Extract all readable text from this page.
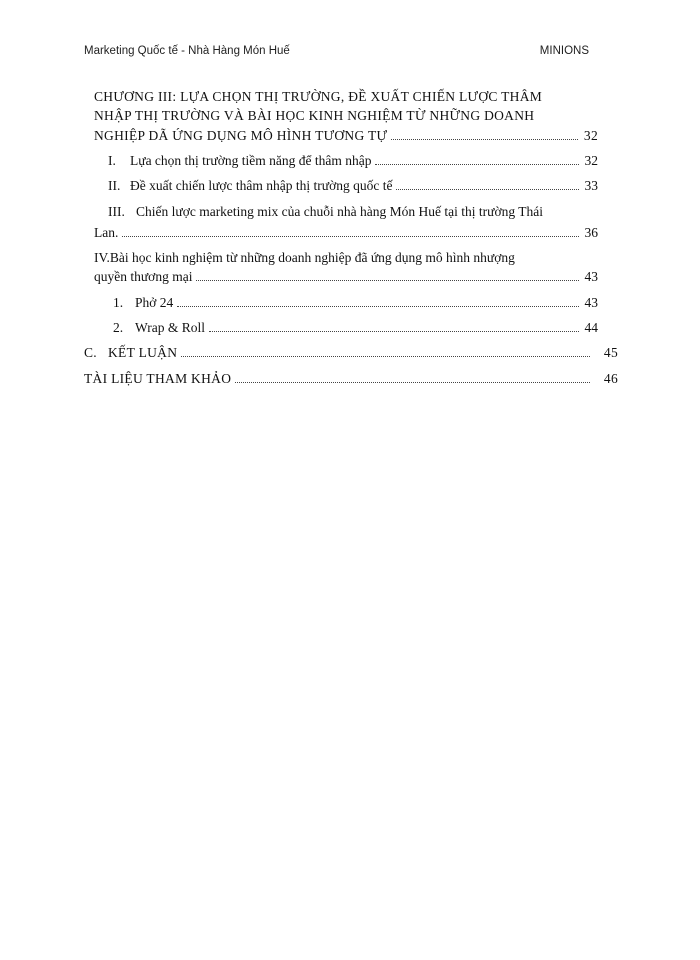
Marketing Quốc tế - Nhà Hàng Món Huế	MINIONS
CHƯƠNG III: LỰA CHỌN THỊ TRƯỜNG, ĐỀ XUẤT CHIẾN LƯỢC THÂM
NHẬP THỊ TRƯỜNG VÀ BÀI HỌC KINH NGHIỆM TỪ NHỮNG DOANH
NGHIỆP DÃ ỨNG DỤNG MÔ HÌNH TƯƠNG TỰ	32
I.	Lựa chọn thị trường tiềm năng để thâm nhập	32
II. Đề xuất chiến lược thâm nhập thị trường quốc tế	33
III. Chiến lược marketing mix của chuỗi nhà hàng Món Huế tại thị trường Thái
Lan.	36
IV.Bài học kinh nghiệm từ những doanh nghiệp đã ứng dụng mô hình nhượng
quyền thương mại	43
1. Phở 24	43
2. Wrap & Roll	44
C. KẾT LUẬN	45
TÀI LIỆU THAM KHẢO	46
